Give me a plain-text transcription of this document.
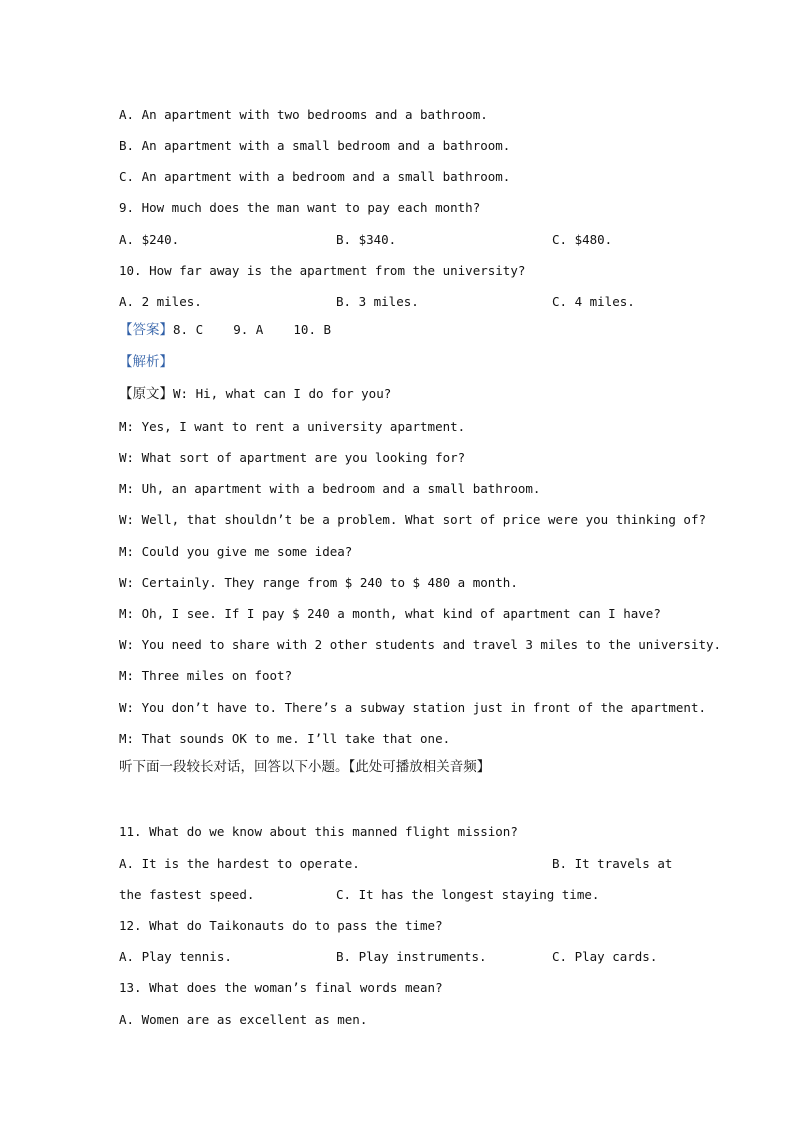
A. An apartment with two bedrooms and a bathroom.
B. An apartment with a small bedroom and a bathroom.
C. An apartment with a bedroom and a small bathroom.
9. How much does the man want to pay each month?
A. $240.	B. $340.	C. $480.
10. How far away is the apartment from the university?
A. 2 miles.	B. 3 miles.	C. 4 miles.
【答案】8. C    9. A    10. B
【解析】
【原文】W: Hi, what can I do for you?
M: Yes, I want to rent a university apartment.
W: What sort of apartment are you looking for?
M: Uh, an apartment with a bedroom and a small bathroom.
W: Well, that shouldn’t be a problem. What sort of price were you thinking of?
M: Could you give me some idea?
W: Certainly. They range from $ 240 to $ 480 a month.
M: Oh, I see. If I pay $ 240 a month, what kind of apartment can I have?
W: You need to share with 2 other students and travel 3 miles to the university.
M: Three miles on foot?
W: You don’t have to. There’s a subway station just in front of the apartment.
M: That sounds OK to me. I’ll take that one.
听下面一段较长对话，回答以下小题。【此处可播放相关音频】
11. What do we know about this manned flight mission?
A. It is the hardest to operate.	B. It travels at
the fastest speed.	C. It has the longest staying time.
12. What do Taikonauts do to pass the time?
A. Play tennis.	B. Play instruments.	C. Play cards.
13. What does the woman’s final words mean?
A. Women are as excellent as men.
